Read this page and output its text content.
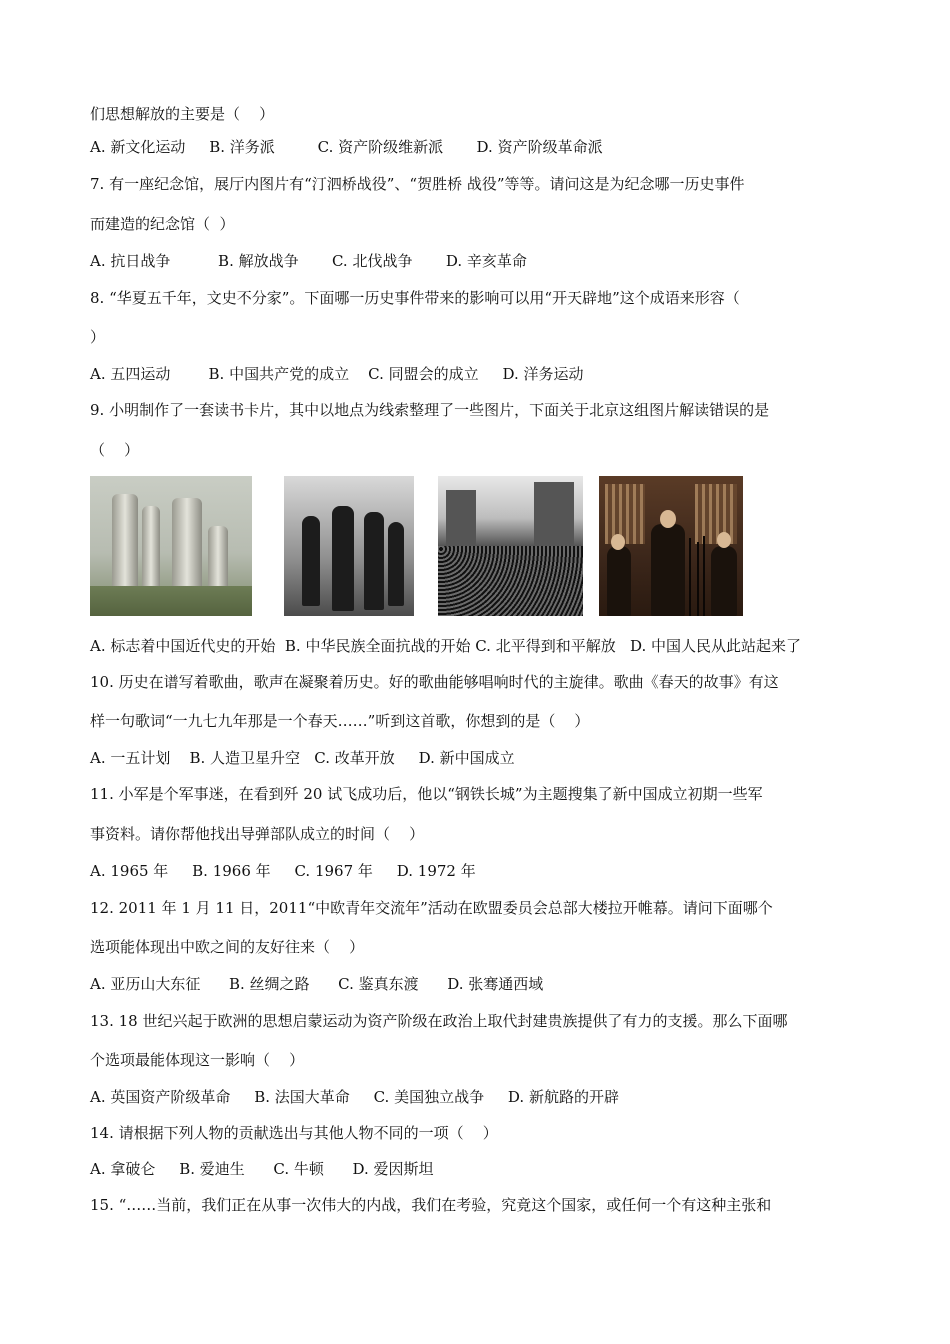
们思想解放的主要是（    ）

A. 新文化运动     B. 洋务派         C. 资产阶级维新派       D. 资产阶级革命派

7. 有一座纪念馆，展厅内图片有“汀泗桥战役”、“贺胜桥 战役”等等。请问这是为纪念哪一历史事件

而建造的纪念馆（  ）

A. 抗日战争          B. 解放战争       C. 北伐战争       D. 辛亥革命

8. “华夏五千年，文史不分家”。下面哪一历史事件带来的影响可以用“开天辟地”这个成语来形容（

）

A. 五四运动        B. 中国共产党的成立    C. 同盟会的成立     D. 洋务运动

9. 小明制作了一套读书卡片，其中以地点为线索整理了一些图片，下面关于北京这组图片解读错误的是

（    ）

A. 标志着中国近代史的开始  B. 中华民族全面抗战的开始 C. 北平得到和平解放   D. 中国人民从此站起来了

10. 历史在谱写着歌曲，歌声在凝聚着历史。好的歌曲能够唱响时代的主旋律。歌曲《春天的故事》有这

样一句歌词“一九七九年那是一个春天……”听到这首歌，你想到的是（    ）

A. 一五计划    B. 人造卫星升空   C. 改革开放     D. 新中国成立

11. 小军是个军事迷，在看到歼 20 试飞成功后，他以“钢铁长城”为主题搜集了新中国成立初期一些军

事资料。请你帮他找出导弹部队成立的时间（    ）

A. 1965 年     B. 1966 年     C. 1967 年     D. 1972 年

12. 2011 年 1 月 11 日，2011“中欧青年交流年”活动在欧盟委员会总部大楼拉开帷幕。请问下面哪个

选项能体现出中欧之间的友好往来（    ）

A. 亚历山大东征      B. 丝绸之路      C. 鉴真东渡      D. 张骞通西域

13. 18 世纪兴起于欧洲的思想启蒙运动为资产阶级在政治上取代封建贵族提供了有力的支援。那么下面哪

个选项最能体现这一影响（    ）

A. 英国资产阶级革命     B. 法国大革命     C. 美国独立战争     D. 新航路的开辟

14. 请根据下列人物的贡献选出与其他人物不同的一项（    ）

A. 拿破仑     B. 爱迪生      C. 牛顿      D. 爱因斯坦

15. “……当前，我们正在从事一次伟大的内战，我们在考验，究竟这个国家，或任何一个有这种主张和
